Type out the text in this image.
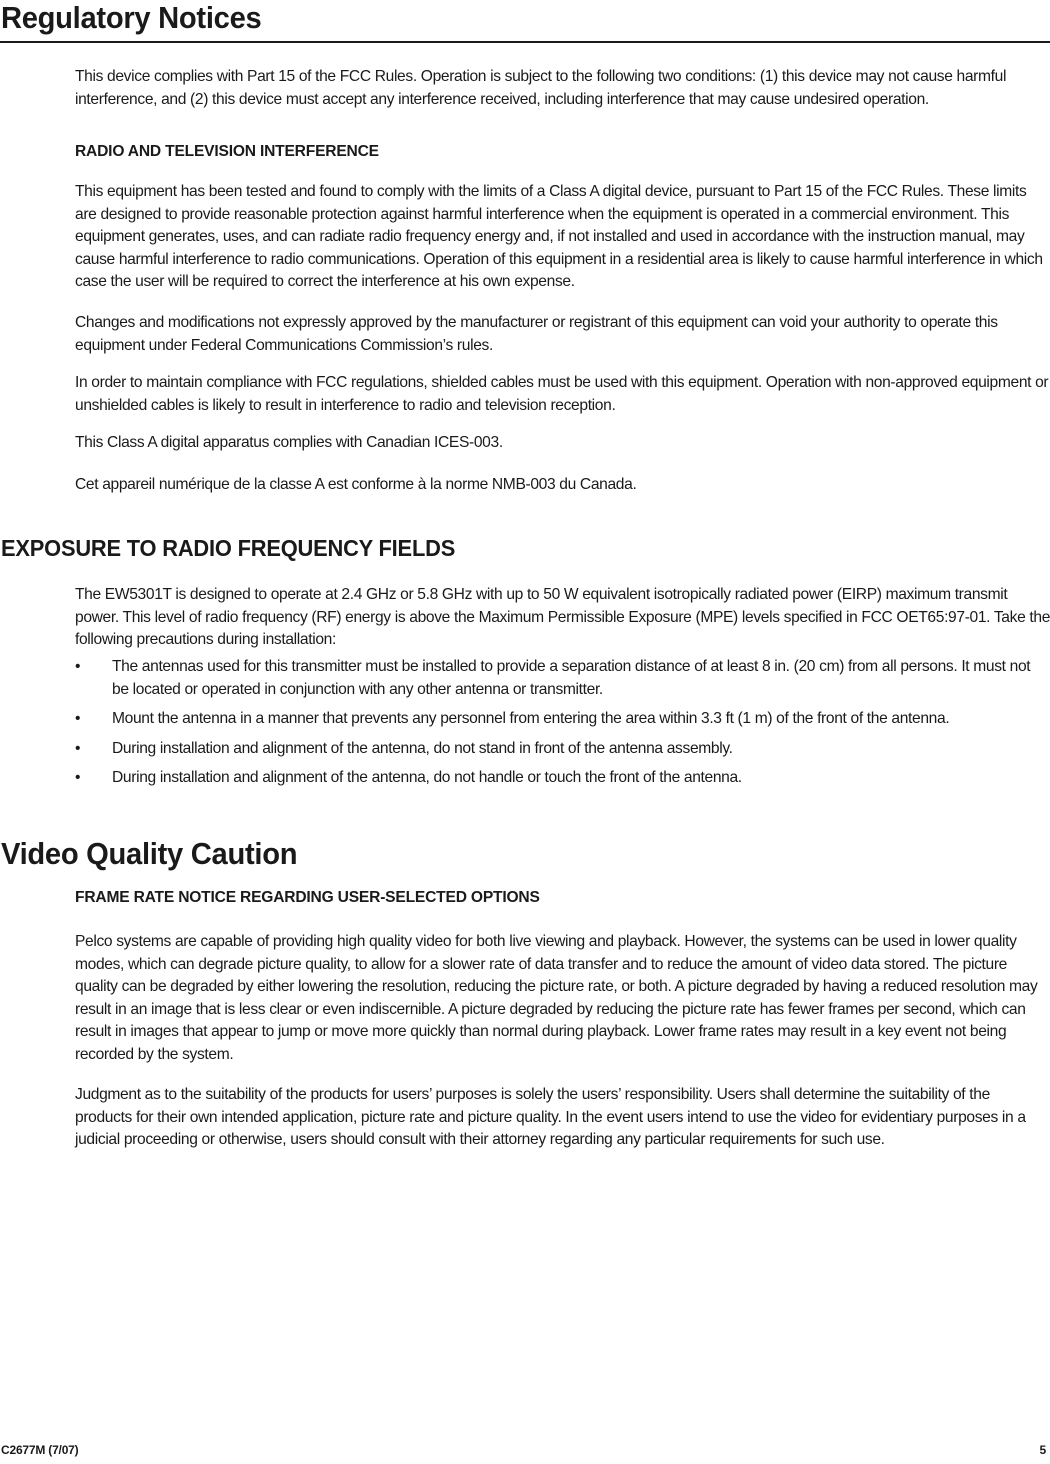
Regulatory Notices

This device complies with Part 15 of the FCC Rules. Operation is subject to the following two conditions: (1) this device may not cause harmful interference, and (2) this device must accept any interference received, including interference that may cause undesired operation.

RADIO AND TELEVISION INTERFERENCE

This equipment has been tested and found to comply with the limits of a Class A digital device, pursuant to Part 15 of the FCC Rules. These limits are designed to provide reasonable protection against harmful interference when the equipment is operated in a commercial environment. This equipment generates, uses, and can radiate radio frequency energy and, if not installed and used in accordance with the instruction manual, may cause harmful interference to radio communications. Operation of this equipment in a residential area is likely to cause harmful interference in which case the user will be required to correct the interference at his own expense.

Changes and modifications not expressly approved by the manufacturer or registrant of this equipment can void your authority to operate this equipment under Federal Communications Commission’s rules.

In order to maintain compliance with FCC regulations, shielded cables must be used with this equipment. Operation with non-approved equipment or unshielded cables is likely to result in interference to radio and television reception.

This Class A digital apparatus complies with Canadian ICES-003.

Cet appareil numérique de la classe A est conforme à la norme NMB-003 du Canada.

EXPOSURE TO RADIO FREQUENCY FIELDS

The EW5301T is designed to operate at 2.4 GHz or 5.8 GHz with up to 50 W equivalent isotropically radiated power (EIRP) maximum transmit power. This level of radio frequency (RF) energy is above the Maximum Permissible Exposure (MPE) levels specified in FCC OET65:97-01. Take the following precautions during installation:

• The antennas used for this transmitter must be installed to provide a separation distance of at least 8 in. (20 cm) from all persons. It must not be located or operated in conjunction with any other antenna or transmitter.
• Mount the antenna in a manner that prevents any personnel from entering the area within 3.3 ft (1 m) of the front of the antenna.
• During installation and alignment of the antenna, do not stand in front of the antenna assembly.
• During installation and alignment of the antenna, do not handle or touch the front of the antenna.
Video Quality Caution
FRAME RATE NOTICE REGARDING USER-SELECTED OPTIONS

Pelco systems are capable of providing high quality video for both live viewing and playback. However, the systems can be used in lower quality modes, which can degrade picture quality, to allow for a slower rate of data transfer and to reduce the amount of video data stored. The picture quality can be degraded by either lowering the resolution, reducing the picture rate, or both. A picture degraded by having a reduced resolution may result in an image that is less clear or even indiscernible. A picture degraded by reducing the picture rate has fewer frames per second, which can result in images that appear to jump or move more quickly than normal during playback. Lower frame rates may result in a key event not being recorded by the system.

Judgment as to the suitability of the products for users’ purposes is solely the users’ responsibility. Users shall determine the suitability of the products for their own intended application, picture rate and picture quality. In the event users intend to use the video for evidentiary purposes in a judicial proceeding or otherwise, users should consult with their attorney regarding any particular requirements for such use.

C2677M (7/07)	5
